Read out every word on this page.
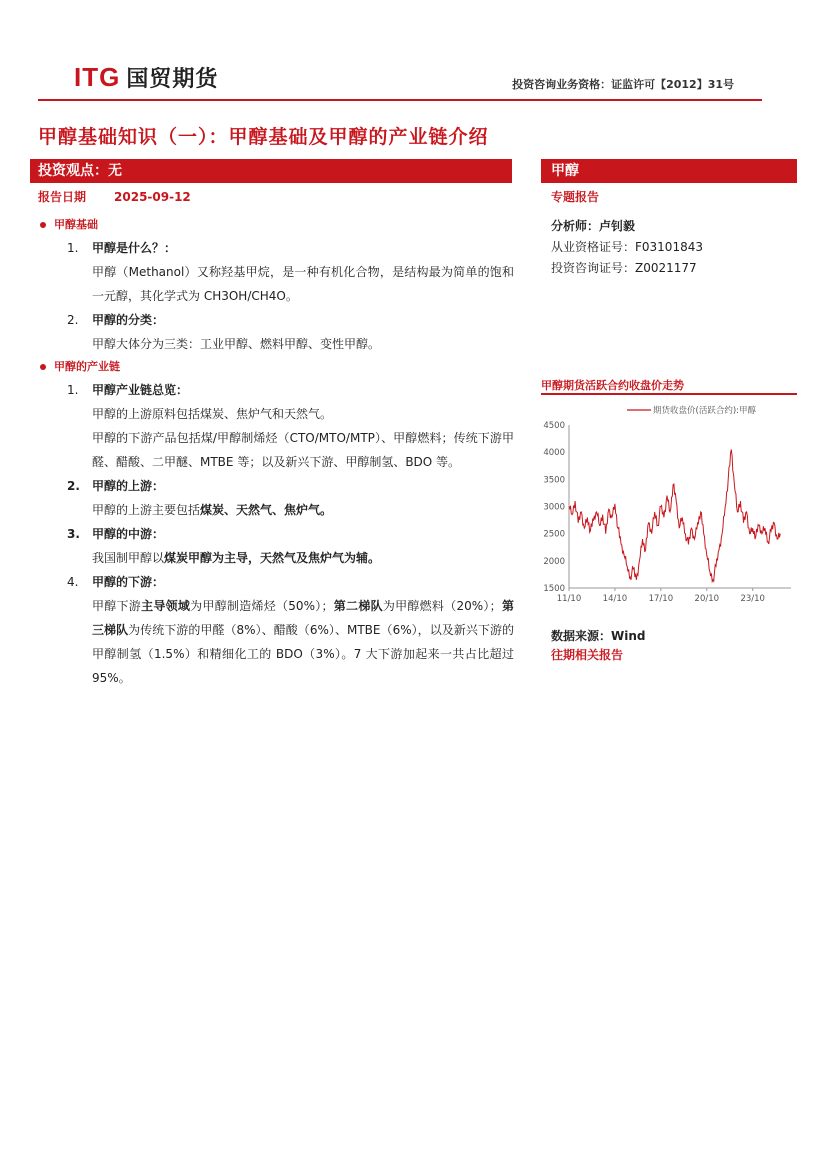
ITG 国贸期货	投资咨询业务资格：证监许可【2012】31号
甲醇基础知识（一）：甲醇基础及甲醇的产业链介绍
投资观点：无	甲醇
报告日期 2025-09-12	专题报告
分析师：卢钊毅
从业资格证号：F03101843
投资咨询证号：Z0021177
甲醇基础
1. 甲醇是什么？：

甲醇（Methanol）又称羟基甲烷，是一种有机化合物，是结构最为简单的饱和一元醇，其化学式为 CH3OH/CH4O。

2. 甲醇的分类：

甲醇大体分为三类：工业甲醇、燃料甲醇、变性甲醇。

甲醇的产业链
1. 甲醇产业链总览：

甲醇的上游原料包括煤炭、焦炉气和天然气。

甲醇的下游产品包括煤/甲醇制烯烃（CTO/MTO/MTP）、甲醇燃料；传统下游甲醛、醋酸、二甲醚、MTBE 等；以及新兴下游、甲醇制氢、BDO 等。

2. 甲醇的上游：

甲醇的上游主要包括煤炭、天然气、焦炉气。

3. 甲醇的中游：

我国制甲醇以煤炭甲醇为主导，天然气及焦炉气为辅。

4. 甲醇的下游：

甲醇下游主导领域为甲醇制造烯烃（50%）；第二梯队为甲醇燃料（20%）；第三梯队为传统下游的甲醛（8%）、醋酸（6%）、MTBE（6%），以及新兴下游的甲醇制氢（1.5%）和精细化工的 BDO（3%）。7 大下游加起来一共占比超过 95%。

甲醇期货活跃合约收盘价走势
1500
2000
2500
3000
3500
4000
4500
11/10	14/10	17/10	20/10	23/10
期货收盘价(活跃合约):甲醇
数据来源：Wind
往期相关报告
